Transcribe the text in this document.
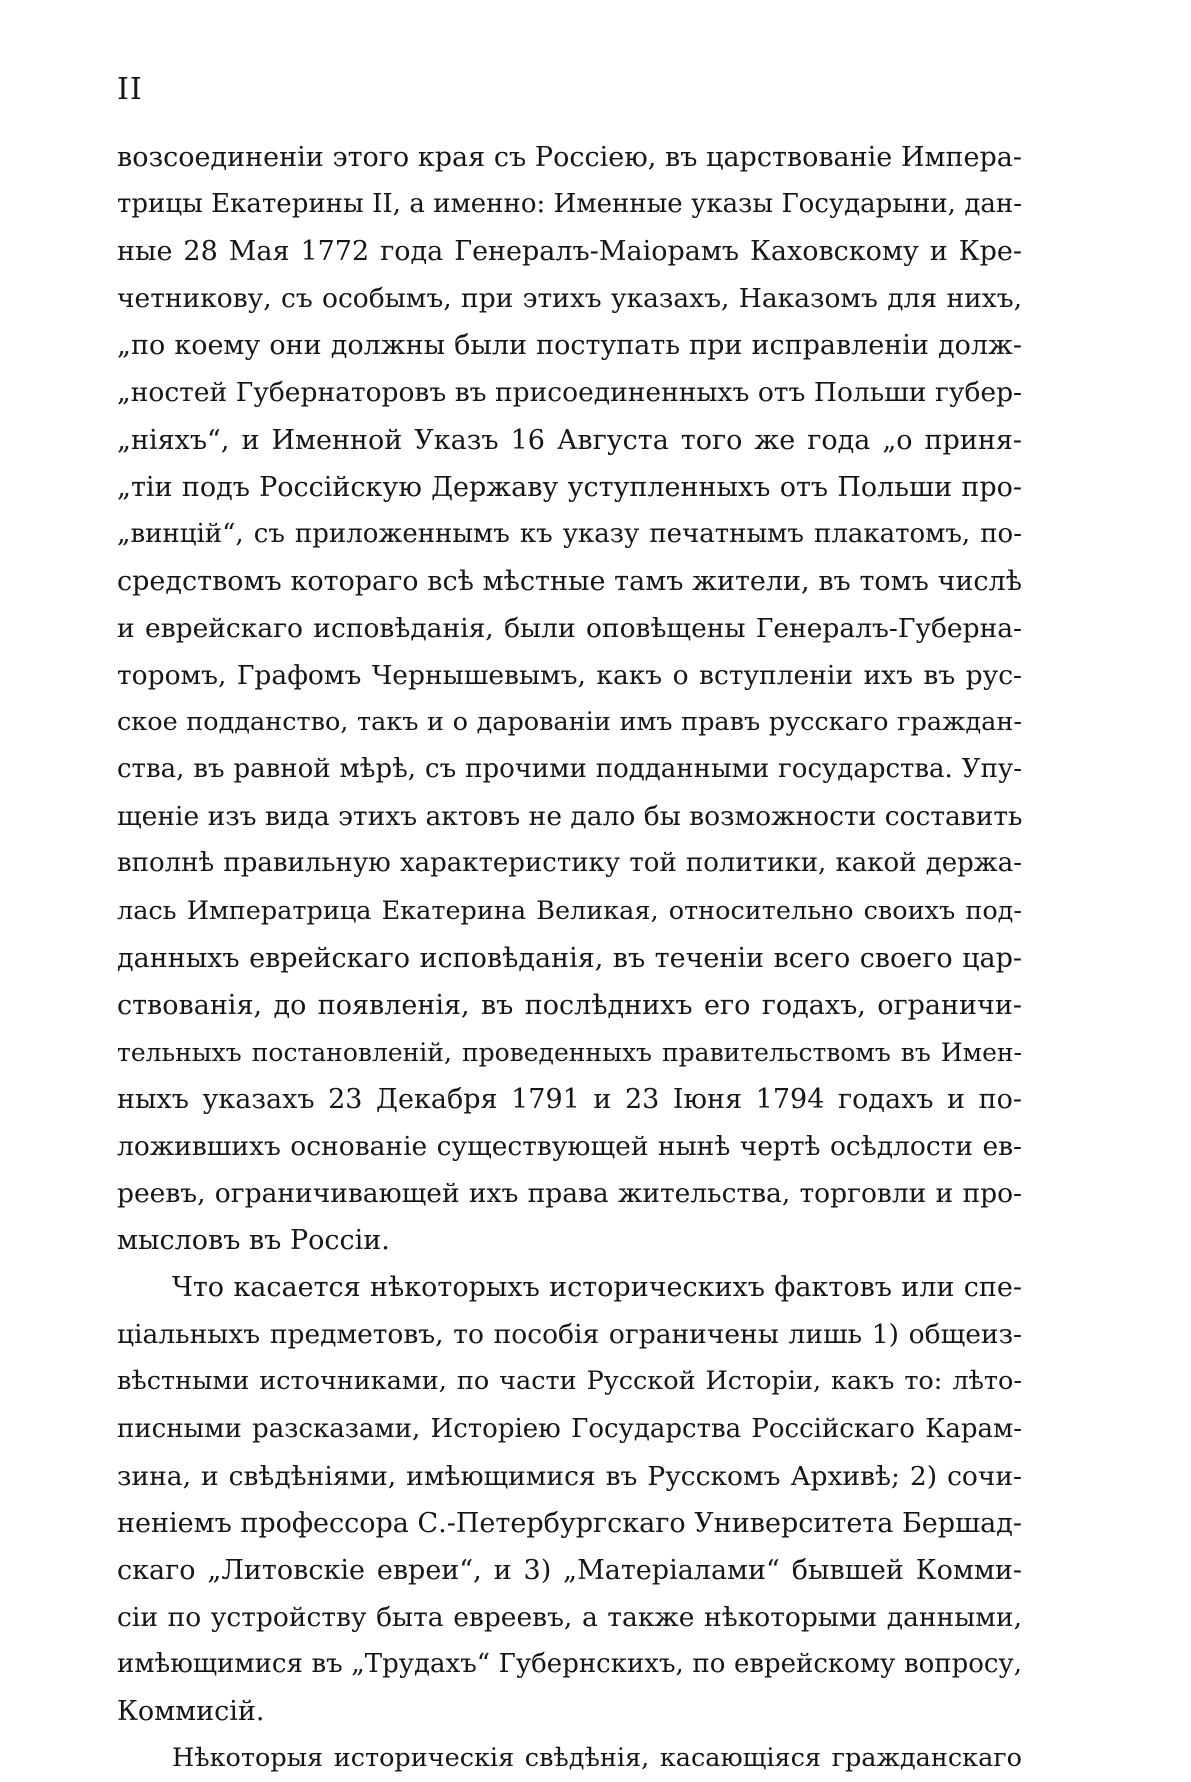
II
возсоединеніи этого края съ Россіею, въ царствованіе Импера-
трицы Екатерины II, а именно: Именные указы Государыни, дан-
ные 28 Мая 1772 года Генералъ-Маіорамъ Каховскому и Кре-
четникову, съ особымъ, при этихъ указахъ, Наказомъ для нихъ,
„по коему они должны были поступать при исправленіи долж-
„ностей Губернаторовъ въ присоединенныхъ отъ Польши губер-
„ніяхъ“, и Именной Указъ 16 Августа того же года „о приня-
„тіи подъ Россійскую Державу уступленныхъ отъ Польши про-
„винцій“, съ приложеннымъ къ указу печатнымъ плакатомъ, по-
средствомъ котораго всѣ мѣстные тамъ жители, въ томъ числѣ
и еврейскаго исповѣданія, были оповѣщены Генералъ-Губерна-
торомъ, Графомъ Чернышевымъ, какъ о вступленіи ихъ въ рус-
ское подданство, такъ и о дарованіи имъ правъ русскаго граждан-
ства, въ равной мѣрѣ, съ прочими подданными государства. Упу-
щеніе изъ вида этихъ актовъ не дало бы возможности составить
вполнѣ правильную характеристику той политики, какой держа-
лась Императрица Екатерина Великая, относительно своихъ под-
данныхъ еврейскаго исповѣданія, въ теченіи всего своего цар-
ствованія, до появленія, въ послѣднихъ его годахъ, ограничи-
тельныхъ постановленій, проведенныхъ правительствомъ въ Имен-
ныхъ указахъ 23 Декабря 1791 и 23 Іюня 1794 годахъ и по-
ложившихъ основаніе существующей нынѣ чертѣ осѣдлости ев-
реевъ, ограничивающей ихъ права жительства, торговли и про-
мысловъ въ Россіи.
Что касается нѣкоторыхъ историческихъ фактовъ или спе-
ціальныхъ предметовъ, то пособія ограничены лишь 1) общеиз-
вѣстными источниками, по части Русской Исторіи, какъ то: лѣто-
писными разсказами, Исторіею Государства Россійскаго Карам-
зина, и свѣдѣніями, имѣющимися въ Русскомъ Архивѣ; 2) сочи-
неніемъ профессора С.-Петербургскаго Университета Бершад-
скаго „Литовскіе евреи“, и 3) „Матеріалами“ бывшей Комми-
сіи по устройству быта евреевъ, а также нѣкоторыми данными,
имѣющимися въ „Трудахъ“ Губернскихъ, по еврейскому вопросу,
Коммисій.
Нѣкоторыя историческія свѣдѣнія, касающіяся гражданскаго
